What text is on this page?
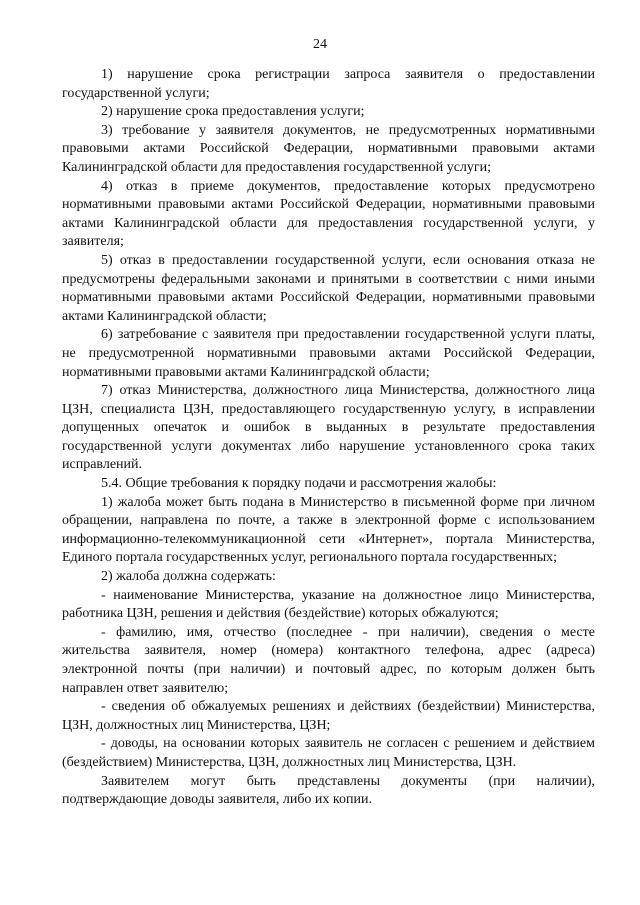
24

1) нарушение срока регистрации запроса заявителя о предоставлении государственной услуги;

2) нарушение срока предоставления услуги;

3) требование у заявителя документов, не предусмотренных нормативными правовыми актами Российской Федерации, нормативными правовыми актами Калининградской области для предоставления государственной услуги;

4) отказ в приеме документов, предоставление которых предусмотрено нормативными правовыми актами Российской Федерации, нормативными правовыми актами Калининградской области для предоставления государственной услуги, у заявителя;

5) отказ в предоставлении государственной услуги, если основания отказа не предусмотрены федеральными законами и принятыми в соответствии с ними иными нормативными правовыми актами Российской Федерации, нормативными правовыми актами Калининградской области;

6) затребование с заявителя при предоставлении государственной услуги платы, не предусмотренной нормативными правовыми актами Российской Федерации, нормативными правовыми актами Калининградской области;

7) отказ Министерства, должностного лица Министерства, должностного лица ЦЗН, специалиста ЦЗН, предоставляющего государственную услугу, в исправлении допущенных опечаток и ошибок в выданных в результате предоставления государственной услуги документах либо нарушение установленного срока таких исправлений.

5.4. Общие требования к порядку подачи и рассмотрения жалобы:

1) жалоба может быть подана в Министерство в письменной форме при личном обращении, направлена по почте, а также в электронной форме с использованием информационно-телекоммуникационной сети «Интернет», портала Министерства, Единого портала государственных услуг, регионального портала государственных;

2) жалоба должна содержать:

- наименование Министерства, указание на должностное лицо Министерства, работника ЦЗН, решения и действия (бездействие) которых обжалуются;

- фамилию, имя, отчество (последнее - при наличии), сведения о месте жительства заявителя, номер (номера) контактного телефона, адрес (адреса) электронной почты (при наличии) и почтовый адрес, по которым должен быть направлен ответ заявителю;

- сведения об обжалуемых решениях и действиях (бездействии) Министерства, ЦЗН, должностных лиц Министерства, ЦЗН;

- доводы, на основании которых заявитель не согласен с решением и действием (бездействием) Министерства, ЦЗН, должностных лиц Министерства, ЦЗН.

Заявителем могут быть представлены документы (при наличии), подтверждающие доводы заявителя, либо их копии.
